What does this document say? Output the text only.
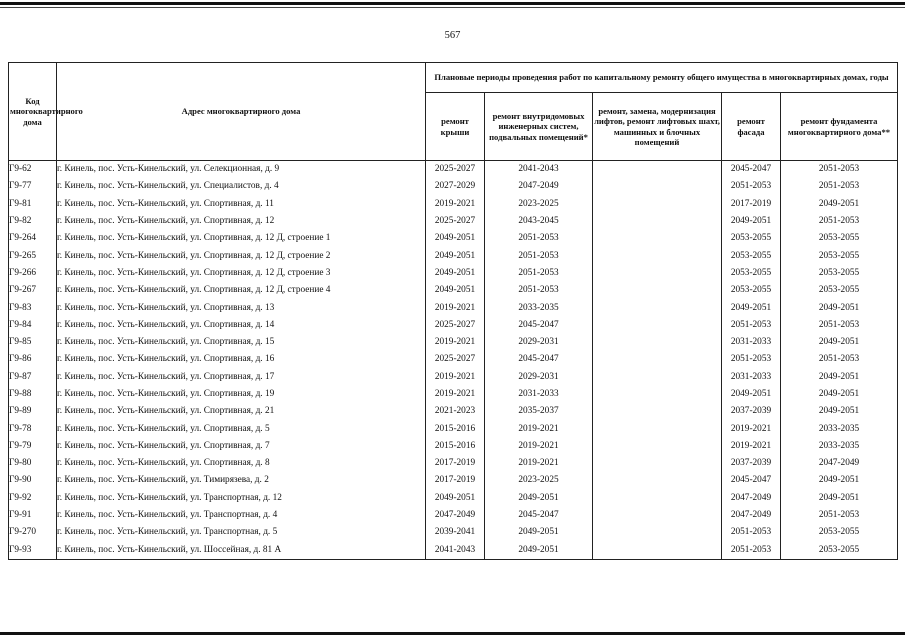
567
Код многоквартирного дома	Адрес многоквартирного дома	Плановые периоды проведения работ по капитальному ремонту общего имущества в многоквартирных домах, годы				
		ремонт крыши	ремонт внутридомовых инженерных систем, подвальных помещений*	ремонт, замена, модернизация лифтов, ремонт лифтовых шахт, машинных и блочных помещений	ремонт фасада	ремонт фундамента многоквартирного дома**
Г9-62	г. Кинель, пос. Усть-Кинельский, ул. Селекционная, д. 9	2025-2027	2041-2043		2045-2047	2051-2053
Г9-77	г. Кинель, пос. Усть-Кинельский, ул. Специалистов, д. 4	2027-2029	2047-2049		2051-2053	2051-2053
Г9-81	г. Кинель, пос. Усть-Кинельский, ул. Спортивная, д. 11	2019-2021	2023-2025		2017-2019	2049-2051
Г9-82	г. Кинель, пос. Усть-Кинельский, ул. Спортивная, д. 12	2025-2027	2043-2045		2049-2051	2051-2053
Г9-264	г. Кинель, пос. Усть-Кинельский, ул. Спортивная, д. 12 Д, строение 1	2049-2051	2051-2053		2053-2055	2053-2055
Г9-265	г. Кинель, пос. Усть-Кинельский, ул. Спортивная, д. 12 Д, строение 2	2049-2051	2051-2053		2053-2055	2053-2055
Г9-266	г. Кинель, пос. Усть-Кинельский, ул. Спортивная, д. 12 Д, строение 3	2049-2051	2051-2053		2053-2055	2053-2055
Г9-267	г. Кинель, пос. Усть-Кинельский, ул. Спортивная, д. 12 Д, строение 4	2049-2051	2051-2053		2053-2055	2053-2055
Г9-83	г. Кинель, пос. Усть-Кинельский, ул. Спортивная, д. 13	2019-2021	2033-2035		2049-2051	2049-2051
Г9-84	г. Кинель, пос. Усть-Кинельский, ул. Спортивная, д. 14	2025-2027	2045-2047		2051-2053	2051-2053
Г9-85	г. Кинель, пос. Усть-Кинельский, ул. Спортивная, д. 15	2019-2021	2029-2031		2031-2033	2049-2051
Г9-86	г. Кинель, пос. Усть-Кинельский, ул. Спортивная, д. 16	2025-2027	2045-2047		2051-2053	2051-2053
Г9-87	г. Кинель, пос. Усть-Кинельский, ул. Спортивная, д. 17	2019-2021	2029-2031		2031-2033	2049-2051
Г9-88	г. Кинель, пос. Усть-Кинельский, ул. Спортивная, д. 19	2019-2021	2031-2033		2049-2051	2049-2051
Г9-89	г. Кинель, пос. Усть-Кинельский, ул. Спортивная, д. 21	2021-2023	2035-2037		2037-2039	2049-2051
Г9-78	г. Кинель, пос. Усть-Кинельский, ул. Спортивная, д. 5	2015-2016	2019-2021		2019-2021	2033-2035
Г9-79	г. Кинель, пос. Усть-Кинельский, ул. Спортивная, д. 7	2015-2016	2019-2021		2019-2021	2033-2035
Г9-80	г. Кинель, пос. Усть-Кинельский, ул. Спортивная, д. 8	2017-2019	2019-2021		2037-2039	2047-2049
Г9-90	г. Кинель, пос. Усть-Кинельский, ул. Тимирязева, д. 2	2017-2019	2023-2025		2045-2047	2049-2051
Г9-92	г. Кинель, пос. Усть-Кинельский, ул. Транспортная, д. 12	2049-2051	2049-2051		2047-2049	2049-2051
Г9-91	г. Кинель, пос. Усть-Кинельский, ул. Транспортная, д. 4	2047-2049	2045-2047		2047-2049	2051-2053
Г9-270	г. Кинель, пос. Усть-Кинельский, ул. Транспортная, д. 5	2039-2041	2049-2051		2051-2053	2053-2055
Г9-93	г. Кинель, пос. Усть-Кинельский, ул. Шоссейная, д. 81 А	2041-2043	2049-2051		2051-2053	2053-2055
